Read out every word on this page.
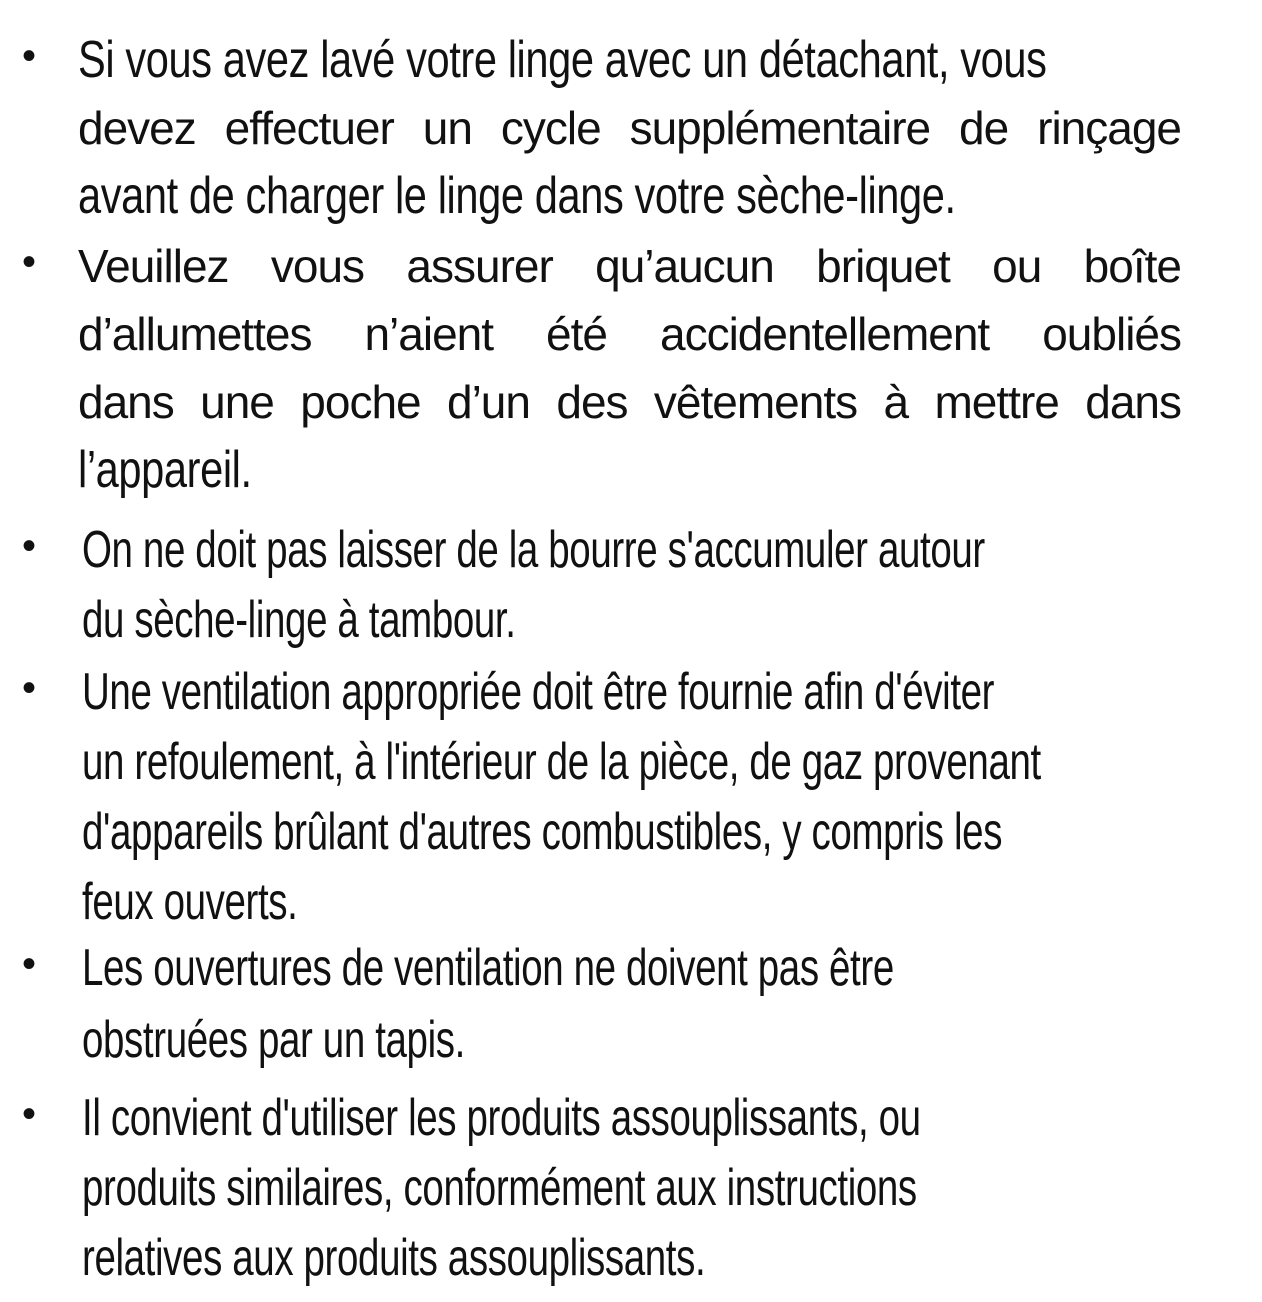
• Si vous avez lavé votre linge avec un détachant, vous
devez effectuer un cycle supplémentaire de rinçage
avant de charger le linge dans votre sèche-linge.
• Veuillez vous assurer qu’aucun briquet ou boîte
d’allumettes n’aient été accidentellement oubliés
dans une poche d’un des vêtements à mettre dans
l’appareil.
• On ne doit pas laisser de la bourre s'accumuler autour
du sèche-linge à tambour.
• Une ventilation appropriée doit être fournie afin d'éviter
un refoulement, à l'intérieur de la pièce, de gaz provenant
d'appareils brûlant d'autres combustibles, y compris les
feux ouverts.
• Les ouvertures de ventilation ne doivent pas être
obstruées par un tapis.
• Il convient d'utiliser les produits assouplissants, ou
produits similaires, conformément aux instructions
relatives aux produits assouplissants.
